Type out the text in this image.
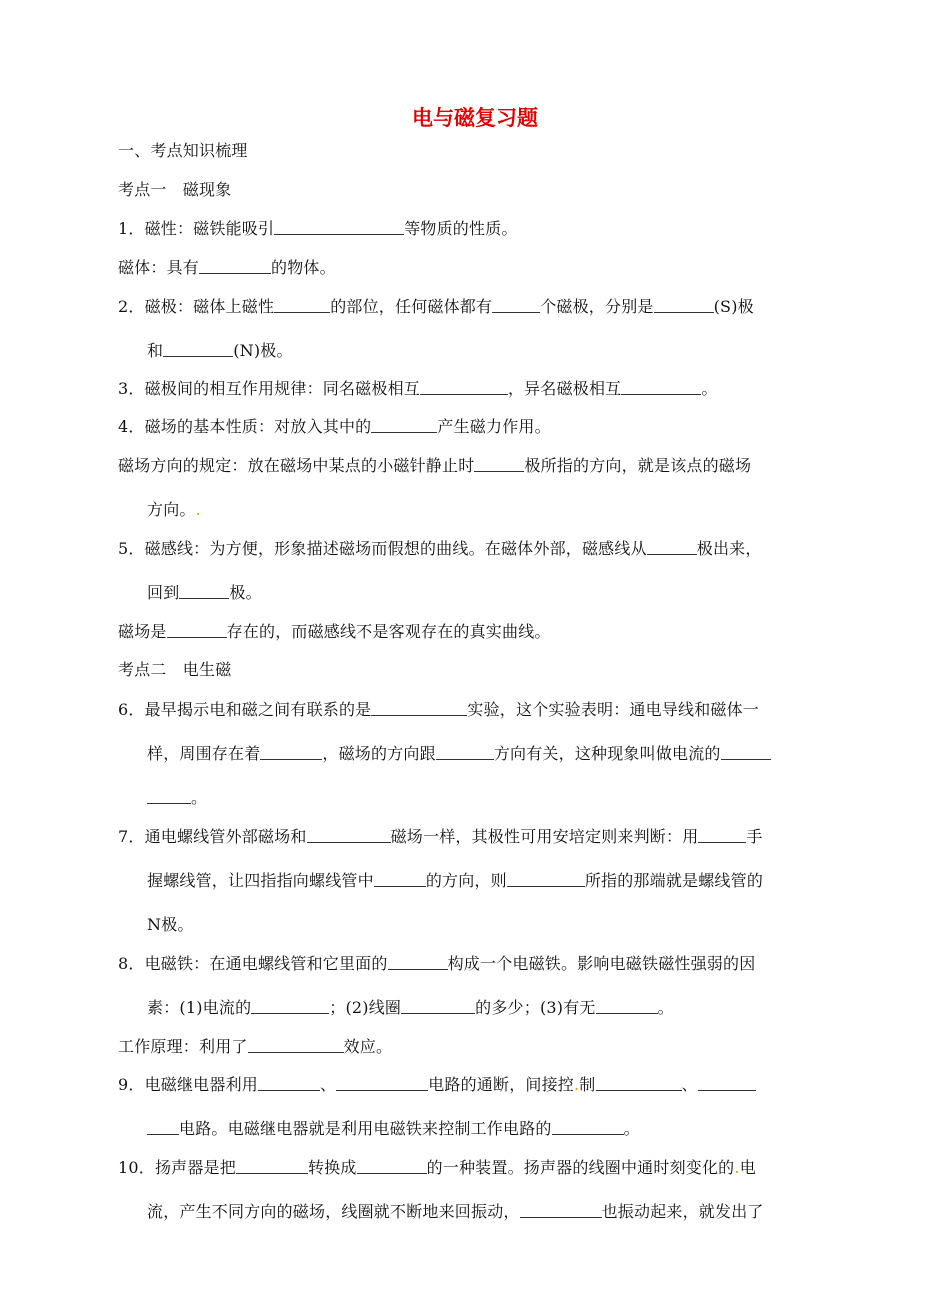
电与磁复习题
一、考点知识梳理
考点一　磁现象
1．磁性：磁铁能吸引	等物质的性质。
磁体：具有	的物体。
2．磁极：磁体上磁性	的部位，任何磁体都有	个磁极，分别是	(S)极
和	(N)极。
3．磁极间的相互作用规律：同名磁极相互	，异名磁极相互	。
4．磁场的基本性质：对放入其中的	产生磁力作用。
磁场方向的规定：放在磁场中某点的小磁针静止时	极所指的方向，就是该点的磁场
方向。.
5．磁感线：为方便，形象描述磁场而假想的曲线。在磁体外部，磁感线从	极出来，
回到	极。
磁场是	存在的，而磁感线不是客观存在的真实曲线。
考点二　电生磁
6．最早揭示电和磁之间有联系的是	实验，这个实验表明：通电导线和磁体一
样，周围存在着	，磁场的方向跟	方向有关，这种现象叫做电流的
。
7．通电螺线管外部磁场和	磁场一样，其极性可用安培定则来判断：用	手
握螺线管，让四指指向螺线管中	的方向，则	所指的那端就是螺线管的
N极。
8．电磁铁：在通电螺线管和它里面的	构成一个电磁铁。影响电磁铁磁性强弱的因
素：(1)电流的	；(2)线圈	的多少；(3)有无	。
工作原理：利用了	效应。
9．电磁继电器利用	、	电路的通断，间接控.制	、
电路。电磁继电器就是利用电磁铁来控制工作电路的	。
10．扬声器是把	转换成	的一种装置。扬声器的线圈中通时刻变化的.电
流，产生不同方向的磁场，线圈就不断地来回振动，	也振动起来，就发出了
